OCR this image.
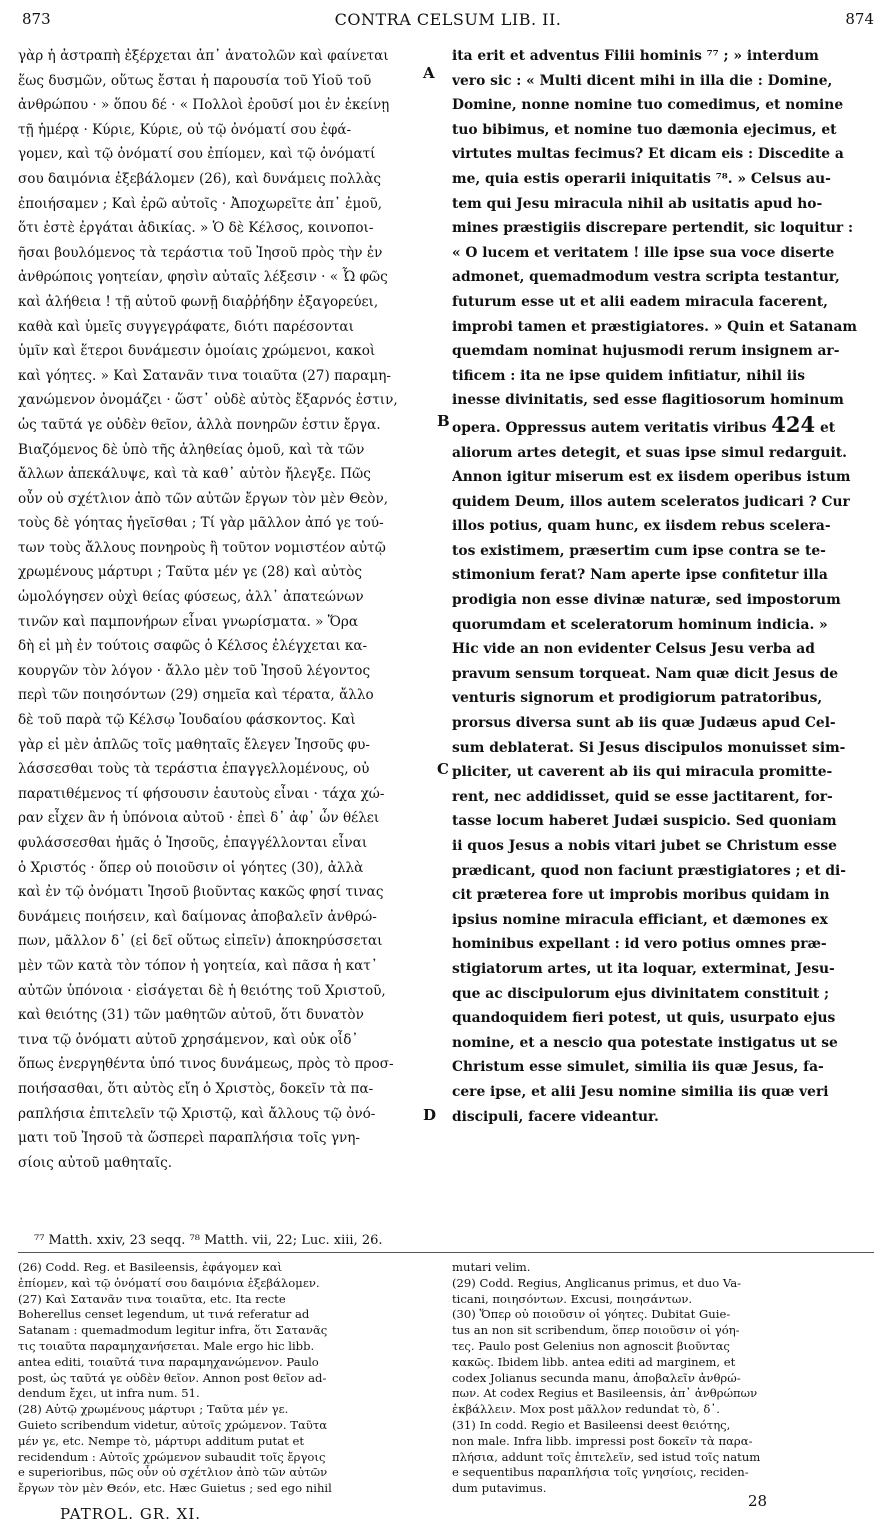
873	CONTRA CELSUM LIB. II.	874
γὰρ ἡ ἀστραπὴ ἐξέρχεται ἀπ᾽ ἀνατολῶν καὶ φαίνεται
ἕως δυσμῶν, οὕτως ἔσται ἡ παρουσία τοῦ Υἱοῦ τοῦ
ἀνθρώπου · » ὅπου δέ · « Πολλοὶ ἐροῦσί μοι ἐν ἐκείνῃ
τῇ ἡμέρᾳ · Κύριε, Κύριε, οὐ τῷ ὀνόματί σου ἐφά-
γομεν, καὶ τῷ ὀνόματί σου ἐπίομεν, καὶ τῷ ὀνόματί
σου δαιμόνια ἐξεβάλομεν (26), καὶ δυνάμεις πολλὰς
ἐποιήσαμεν ; Καὶ ἐρῶ αὐτοῖς · Ἀποχωρεῖτε ἀπ᾽ ἐμοῦ,
ὅτι ἐστὲ ἐργάται ἀδικίας. » Ὁ δὲ Κέλσος, κοινοποι-
ῆσαι βουλόμενος τὰ τεράστια τοῦ Ἰησοῦ πρὸς τὴν ἐν
ἀνθρώποις γοητείαν, φησὶν αὐταῖς λέξεσιν · « Ὦ φῶς
καὶ ἀλήθεια ! τῇ αὐτοῦ φωνῇ διαῤῥήδην ἐξαγορεύει,
καθὰ καὶ ὑμεῖς συγγεγράφατε, διότι παρέσονται
ὑμῖν καὶ ἕτεροι δυνάμεσιν ὁμοίαις χρώμενοι, κακοὶ
καὶ γόητες. » Καὶ Σατανᾶν τινα τοιαῦτα (27) παραμη-
χανώμενον ὀνομάζει · ὥστ᾽ οὐδὲ αὐτὸς ἔξαρνός ἐστιν,
ὡς ταῦτά γε οὐδὲν θεῖον, ἀλλὰ πονηρῶν ἐστιν ἔργα.
Βιαζόμενος δὲ ὑπὸ τῆς ἀληθείας ὁμοῦ, καὶ τὰ τῶν
ἄλλων ἀπεκάλυψε, καὶ τὰ καθ᾽ αὐτὸν ἤλεγξε. Πῶς
οὖν οὐ σχέτλιον ἀπὸ τῶν αὐτῶν ἔργων τὸν μὲν Θεὸν,
τοὺς δὲ γόητας ἡγεῖσθαι ; Τί γὰρ μᾶλλον ἀπό γε τού-
των τοὺς ἄλλους πονηροὺς ἢ τοῦτον νομιστέον αὐτῷ
χρωμένους μάρτυρι ; Ταῦτα μέν γε (28) καὶ αὐτὸς
ὡμολόγησεν οὐχὶ θείας φύσεως, ἀλλ᾽ ἀπατεώνων
τινῶν καὶ παμπονήρων εἶναι γνωρίσματα. » Ὅρα
δὴ εἰ μὴ ἐν τούτοις σαφῶς ὁ Κέλσος ἐλέγχεται κα-
κουργῶν τὸν λόγον · ἄλλο μὲν τοῦ Ἰησοῦ λέγοντος
περὶ τῶν ποιησόντων (29) σημεῖα καὶ τέρατα, ἄλλο
δὲ τοῦ παρὰ τῷ Κέλσῳ Ἰουδαίου φάσκοντος. Καὶ
γὰρ εἰ μὲν ἁπλῶς τοῖς μαθηταῖς ἔλεγεν Ἰησοῦς φυ-
λάσσεσθαι τοὺς τὰ τεράστια ἐπαγγελλομένους, οὐ
παρατιθέμενος τί φήσουσιν ἑαυτοὺς εἶναι · τάχα χώ-
ραν εἶχεν ἂν ἡ ὑπόνοια αὐτοῦ · ἐπεὶ δ᾽ ἀφ᾽ ὧν θέλει
φυλάσσεσθαι ἡμᾶς ὁ Ἰησοῦς, ἐπαγγέλλονται εἶναι
ὁ Χριστός · ὅπερ οὐ ποιοῦσιν οἱ γόητες (30), ἀλλὰ
καὶ ἐν τῷ ὀνόματι Ἰησοῦ βιοῦντας κακῶς φησί τινας
δυνάμεις ποιήσειν, καὶ δαίμονας ἀποβαλεῖν ἀνθρώ-
πων, μᾶλλον δ᾽ (εἰ δεῖ οὕτως εἰπεῖν) ἀποκηρύσσεται
μὲν τῶν κατὰ τὸν τόπον ἡ γοητεία, καὶ πᾶσα ἡ κατ᾽
αὐτῶν ὑπόνοια · εἰσάγεται δὲ ἡ θειότης τοῦ Χριστοῦ,
καὶ θειότης (31) τῶν μαθητῶν αὐτοῦ, ὅτι δυνατὸν
τινα τῷ ὀνόματι αὐτοῦ χρησάμενον, καὶ οὐκ οἶδ᾽
ὅπως ἐνεργηθέντα ὑπό τινος δυνάμεως, πρὸς τὸ προσ-
ποιήσασθαι, ὅτι αὐτὸς εἴη ὁ Χριστὸς, δοκεῖν τὰ πα-
ραπλήσια ἐπιτελεῖν τῷ Χριστῷ, καὶ ἄλλους τῷ ὀνό-
ματι τοῦ Ἰησοῦ τὰ ὥσπερεὶ παραπλήσια τοῖς γνη-
σίοις αὐτοῦ μαθηταῖς.
ita erit et adventus Filii hominis ⁷⁷ ; » interdum
vero sic : « Multi dicent mihi in illa die : Domine,
Domine, nonne nomine tuo comedimus, et nomine
tuo bibimus, et nomine tuo dæmonia ejecimus, et
virtutes multas fecimus? Et dicam eis : Discedite a
me, quia estis operarii iniquitatis ⁷⁸. » Celsus au-
tem qui Jesu miracula nihil ab usitatis apud ho-
mines præstigiis discrepare pertendit, sic loquitur :
« O lucem et veritatem ! ille ipse sua voce diserte
admonet, quemadmodum vestra scripta testantur,
futurum esse ut et alii eadem miracula facerent,
improbi tamen et præstigiatores. » Quin et Satanam
quemdam nominat hujusmodi rerum insignem ar-
tificem : ita ne ipse quidem infitiatur, nihil iis
inesse divinitatis, sed esse flagitiosorum hominum
opera. Oppressus autem veritatis viribus 424 et
aliorum artes detegit, et suas ipse simul redarguit.
Annon igitur miserum est ex iisdem operibus istum
quidem Deum, illos autem sceleratos judicari ? Cur
illos potius, quam hunc, ex iisdem rebus scelera-
tos existimem, præsertim cum ipse contra se te-
stimonium ferat? Nam aperte ipse confitetur illa
prodigia non esse divinæ naturæ, sed impostorum
quorumdam et sceleratorum hominum indicia. »
Hic vide an non evidenter Celsus Jesu verba ad
pravum sensum torqueat. Nam quæ dicit Jesus de
venturis signorum et prodigiorum patratoribus,
prorsus diversa sunt ab iis quæ Judæus apud Cel-
sum deblaterat. Si Jesus discipulos monuisset sim-
pliciter, ut caverent ab iis qui miracula promitte-
rent, nec addidisset, quid se esse jactitarent, for-
tasse locum haberet Judæi suspicio. Sed quoniam
ii quos Jesus a nobis vitari jubet se Christum esse
prædicant, quod non faciunt præstigiatores ; et di-
cit præterea fore ut improbis moribus quidam in
ipsius nomine miracula efficiant, et dæmones ex
hominibus expellant : id vero potius omnes præ-
stigiatorum artes, ut ita loquar, exterminat, Jesu-
que ac discipulorum ejus divinitatem constituit ;
quandoquidem fieri potest, ut quis, usurpato ejus
nomine, et a nescio qua potestate instigatus ut se
Christum esse simulet, similia iis quæ Jesus, fa-
cere ipse, et alii Jesu nomine similia iis quæ veri
discipuli, facere videantur.
A
B
C
D
⁷⁷ Matth. xxiv, 23 seqq. ⁷⁸ Matth. vii, 22; Luc. xiii, 26.
(26) Codd. Reg. et Basileensis, ἐφάγομεν καὶ
ἐπίομεν, καὶ τῷ ὀνόματί σου δαιμόνια ἐξεβάλομεν.
(27) Καὶ Σατανᾶν τινα τοιαῦτα, etc. Ita recte
Boherellus censet legendum, ut τινά referatur ad
Satanam : quemadmodum legitur infra, ὅτι Σατανᾶς
τις τοιαῦτα παραμηχανήσεται. Male ergo hic libb.
antea editi, τοιαῦτά τινα παραμηχανώμενον. Paulo
post, ὡς ταῦτά γε οὐδὲν θεῖον. Annon post θεῖον ad-
dendum ἔχει, ut infra num. 51.
(28) Αὐτῷ χρωμένους μάρτυρι ; Ταῦτα μέν γε.
Guieto scribendum videtur, αὐτοῖς χρώμενον. Ταῦτα
μέν γε, etc. Nempe τὸ, μάρτυρι additum putat et
recidendum : Αὐτοῖς χρώμενον subaudit τοῖς ἔργοις
e superioribus, πῶς οὖν οὐ σχέτλιον ἀπὸ τῶν αὐτῶν
ἔργων τὸν μὲν Θεόν, etc. Hæc Guietus ; sed ego nihil
mutari velim.
(29) Codd. Regius, Anglicanus primus, et duo Va-
ticani, ποιησόντων. Excusi, ποιησάντων.
(30) Ὅπερ οὐ ποιοῦσιν οἱ γόητες. Dubitat Guie-
tus an non sit scribendum, ὅπερ ποιοῦσιν οἱ γόη-
τες. Paulo post Gelenius non agnoscit βιοῦντας
κακῶς. Ibidem libb. antea editi ad marginem, et
codex Jolianus secunda manu, ἀποβαλεῖν ἀνθρώ-
πων. At codex Regius et Basileensis, ἀπ᾽ ἀνθρώπων
ἐκβάλλειν. Mox post μᾶλλον redundat τὸ, δ᾽.
(31) In codd. Regio et Basileensi deest θειότης,
non male. Infra libb. impressi post δοκεῖν τὰ παρα-
πλήσια, addunt τοῖς ἐπιτελεῖν, sed istud τοῖς natum
e sequentibus παραπλήσια τοῖς γνησίοις, reciden-
dum putavimus.
PATROL. GR. XI.
28
